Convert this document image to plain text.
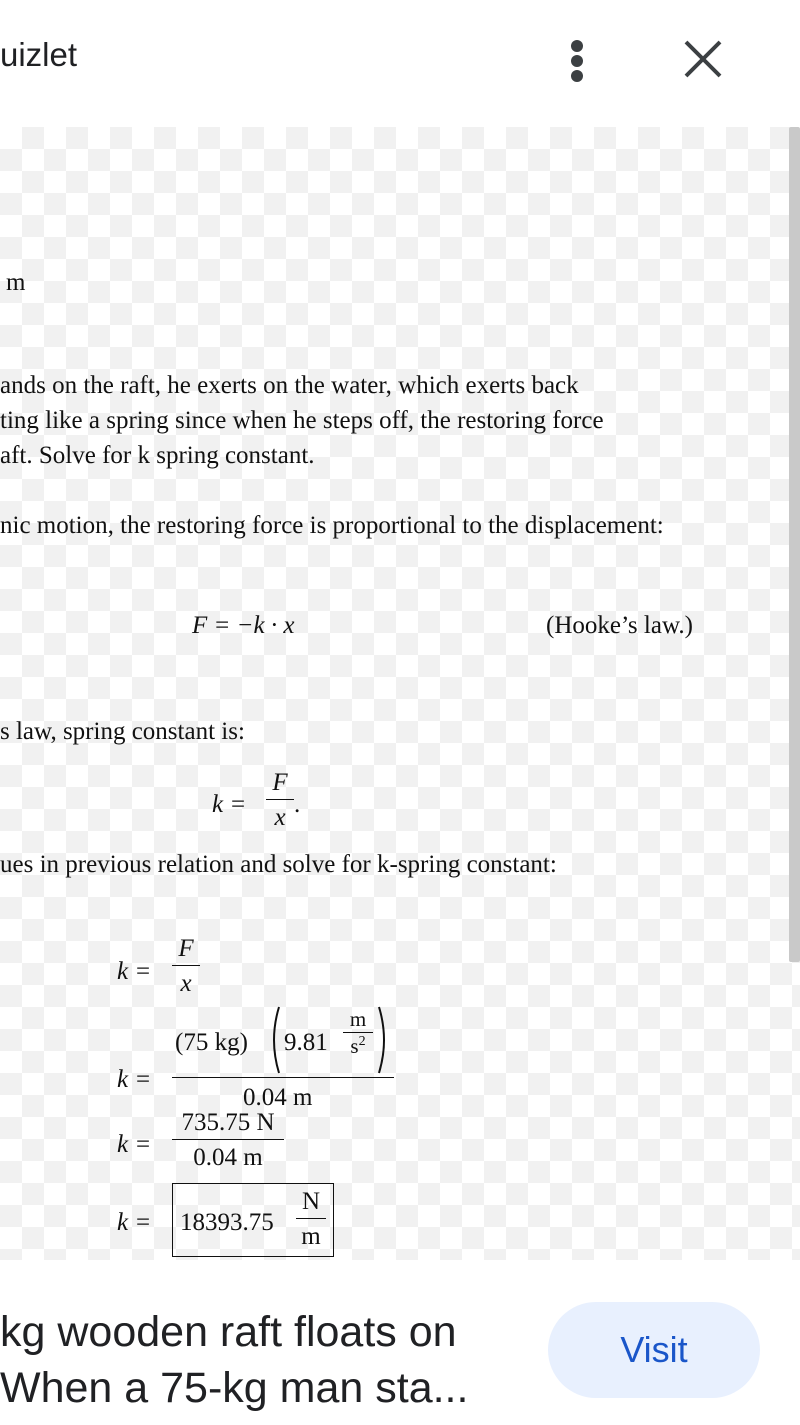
uizlet
m
ands on the raft, he exerts on the water, which exerts back
ting like a spring since when he steps off, the restoring force
aft. Solve for k spring constant.
nic motion, the restoring force is proportional to the displacement:
F = −k · x	(Hooke’s law.)
s law, spring constant is:
k =
F
x .
ues in previous relation and solve for k-spring constant:
k =
F
x
k =
(75 kg) 9.81
m
$s^2$
0.04 m
k =
735.75 N
0.04 m
k = 18393.75
N
m
kg wooden raft floats on
When a 75-kg man sta...
Visit
